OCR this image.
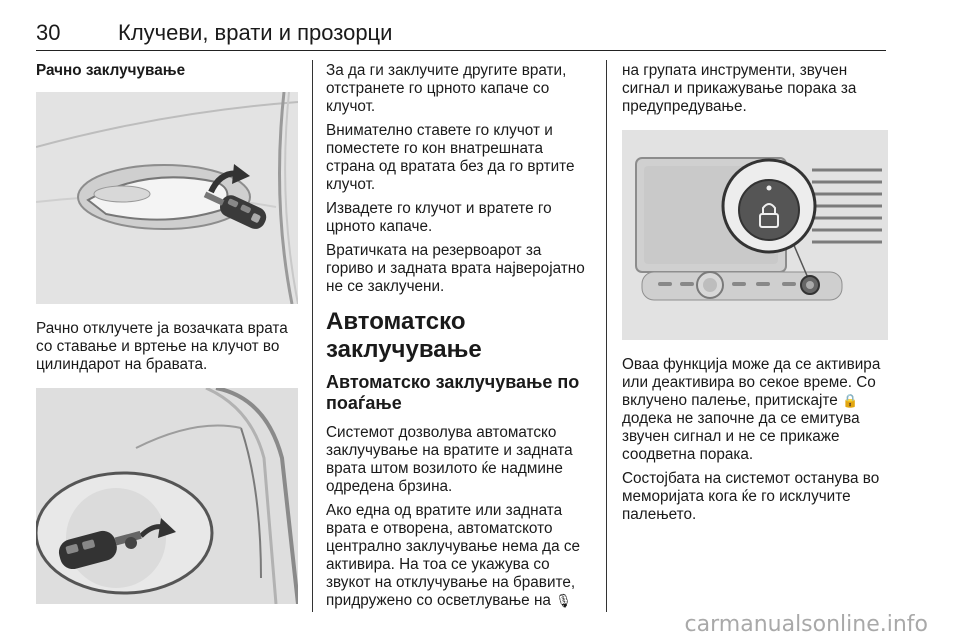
30	Клучеви, врати и прозорци
Рачно заклучување

Рачно отклучете ја возачката врата со ставање и вртење на клучот во цилиндарот на бравата.

За да ги заклучите другите врати, отстранете го црното капаче со клучот.

Внимателно ставете го клучот и поместете го кон внатрешната страна од вратата без да го вртите клучот.

Извадете го клучот и вратете го црното капаче.

Вратичката на резервоарот за гориво и задната врата најверојатно не се заклучени.

Автоматско заклучување
Автоматско заклучување по поаѓање

Системот дозволува автоматско заклучување на вратите и задната врата штом возилото ќе надмине одредена брзина.

Ако една од вратите или задната врата е отворена, автоматското централно заклучување нема да се активира. На тоа се укажува со звукот на отклучување на бравите, придружено со осветлување на 🎙

на групата инструменти, звучен сигнал и прикажување порака за предупредување.

Оваа функција може да се активира или деактивира во секое време. Со вклучено палење, притискајте 🔒 додека не започне да се емитува звучен сигнал и не се прикаже соодветна порака.

Состојбата на системот останува во меморијата кога ќе го исклучите палењето.

carmanualsonline.info
